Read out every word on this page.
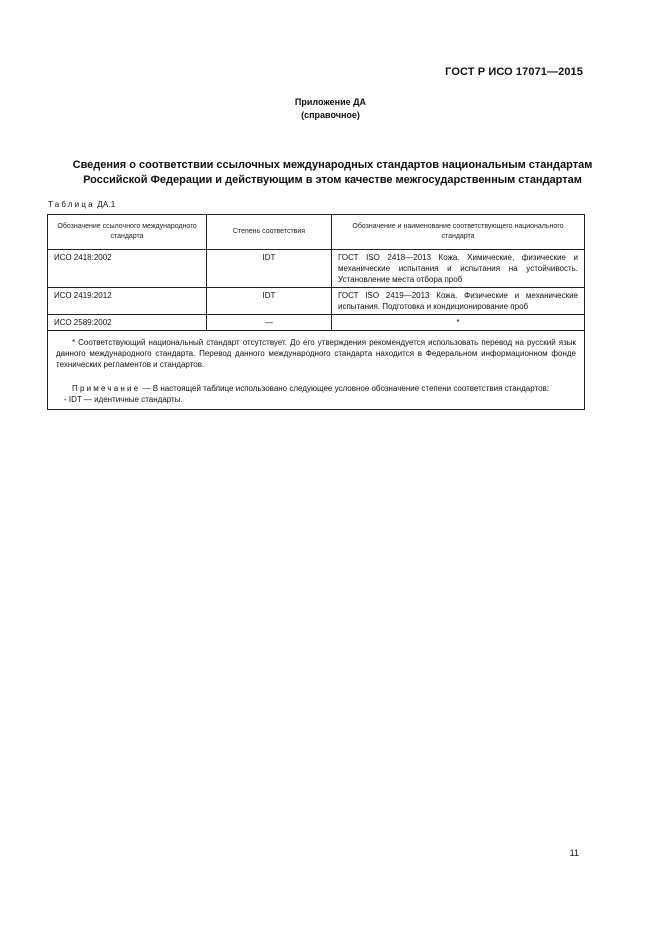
ГОСТ Р ИСО 17071—2015
Приложение ДА
(справочное)
Сведения о соответствии ссылочных международных стандартов национальным стандартам
Российской Федерации и действующим в этом качестве межгосударственным стандартам
Таблица ДА.1
Обозначение ссылочного международного стандарта	Степень соответствия	Обозначение и наименование соответствующего национального стандарта
ИСО 2418:2002	IDT	ГОСТ ISO 2418—2013 Кожа. Химические, физические и механические испытания и испытания на устойчивость. Установление места отбора проб
ИСО 2419:2012	IDT	ГОСТ ISO 2419—2013 Кожа. Физические и механические испытания. Подготовка и кондиционирование проб
ИСО 2589:2002	—	*

* Соответствующий национальный стандарт отсутствует. До его утверждения рекомендуется использовать перевод на русский язык данного международного стандарта. Перевод данного международного стандарта находится в Федеральном информационном фонде технических регламентов и стандартов.

Примечание — В настоящей таблице использовано следующее условное обозначение степени соответствия стандартов:

- IDT — идентичные стандарты.		

11
